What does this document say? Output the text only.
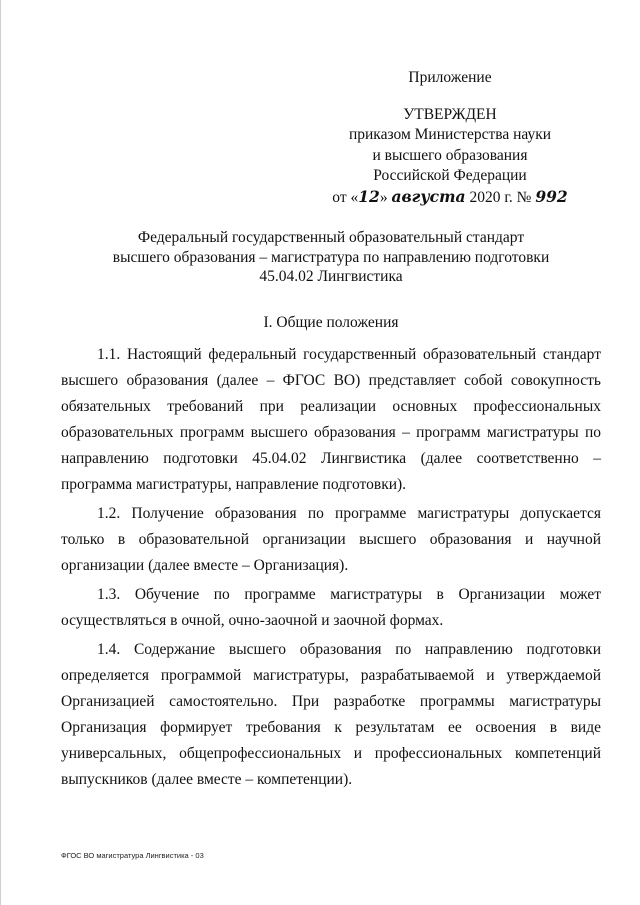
Приложение
УТВЕРЖДЕН
приказом Министерства науки
и высшего образования
Российской Федерации
от «12» августа 2020 г. № 992
Федеральный государственный образовательный стандарт
высшего образования – магистратура по направлению подготовки
45.04.02 Лингвистика
I. Общие положения

1.1. Настоящий федеральный государственный образовательный стандарт высшего образования (далее – ФГОС ВО) представляет собой совокупность обязательных требований при реализации основных профессиональных образовательных программ высшего образования – программ магистратуры по направлению подготовки 45.04.02 Лингвистика (далее соответственно – программа магистратуры, направление подготовки).

1.2. Получение образования по программе магистратуры допускается только в образовательной организации высшего образования и научной организации (далее вместе – Организация).

1.3. Обучение по программе магистратуры в Организации может осуществляться в очной, очно-заочной и заочной формах.

1.4. Содержание высшего образования по направлению подготовки определяется программой магистратуры, разрабатываемой и утверждаемой Организацией самостоятельно. При разработке программы магистратуры Организация формирует требования к результатам ее освоения в виде универсальных, общепрофессиональных и профессиональных компетенций выпускников (далее вместе – компетенции).

ФГОС ВО магистратура Лингвистика - 03
